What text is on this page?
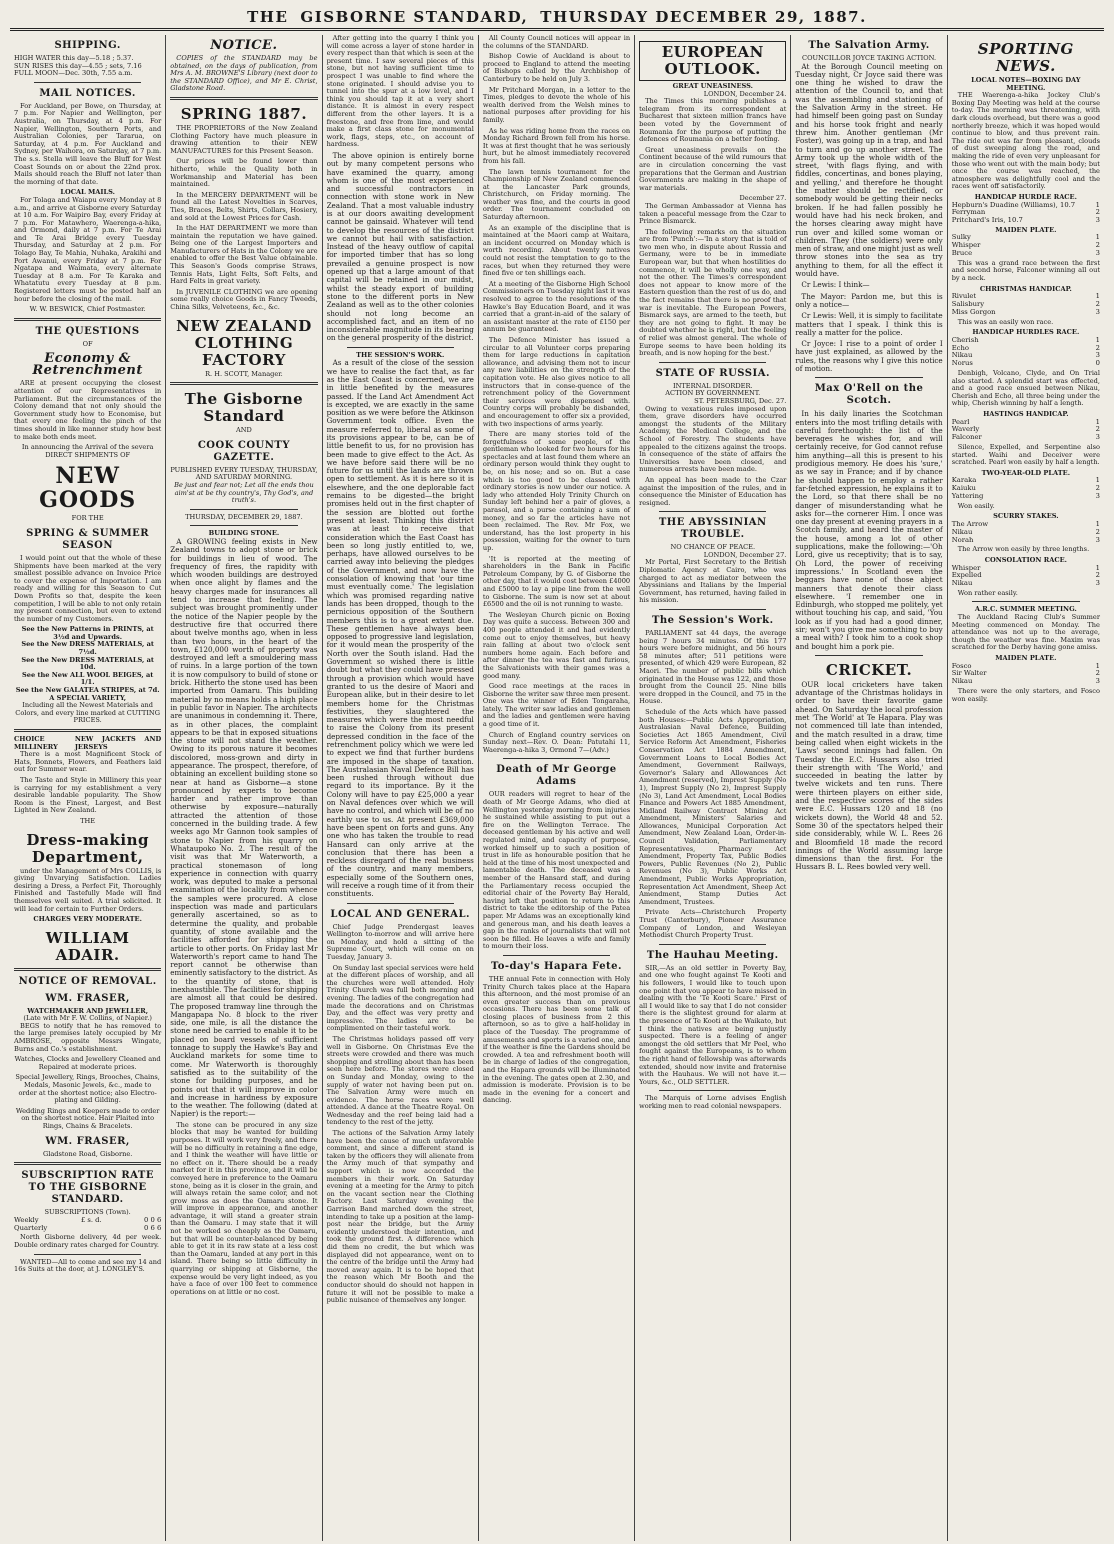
THE GISBORNE STANDARD, THURSDAY DECEMBER 29, 1887.
SHIPPING.
HIGH WATER this day—5.18 ; 5.37.
SUN RISES this day—4.55 ; sets, 7.16
FULL MOON—Dec. 30th, 7.55 a.m.
MAIL NOTICES.

For Auckland, per Bowe, on Thursday, at 7 p.m. For Napier and Wellington, per Australia, on Thursday, at 4 p.m. For Napier, Wellington, Southern Ports, and Australian Colonies, per Tararua, on Saturday, at 4 p.m. For Auckland and Sydney, per Waihora, on Saturday, at 7 p.m. The s.s. Stella will leave the Bluff for West Coast Sounds on or about the 22nd prox. Mails should reach the Bluff not later than the morning of that date.

LOCAL MAILS.

For Tolaga and Waiapu every Monday at 8 a.m., and arrive at Gisborne every Saturday at 10 a.m. For Waipiro Bay, every Friday at 7 p.m. For Matawhero, Waerenga-a-hika, and Ormond, daily at 7 p.m. For Te Arai and Te Arai Bridge every Tuesday Thursday, and Saturday at 2 p.m. For Tolago Bay, Te Mahia, Nuhaka, Arakihi and Port Awanui, every Friday at 7 p.m. For Ngatapa and Waimata, every alternate Tuesday at 8 a.m. For Te Karaka and Whatatutu every Tuesday at 8 p.m. Registered letters must be posted half an hour before the closing of the mail.

W. W. BESWICK, Chief Postmaster.
THE QUESTIONS
OF
Economy & Retrenchment

ARE at present occupying the closest attention of our Representatives in Parliament. But the circumstances of the Colony demand that not only should the Government study how to Economise, but that every one feeling the pinch of the times should in like manner study how best to make both ends meet.

In announcing the Arrival of the severa DIRECT SHIPMENTS OF
NEW GOODS
FOR THE
SPRING & SUMMER SEASON

I would point out that the whole of these Shipments have been marked at the very smallest possible advance on Invoice Price to cover the expense of Importation. I am ready and willing for this Season to Cut Down Profits so that, despite the keen competition, I will be able to not only retain my present connection, but even to extend the number of my Customers.

See the New Patterns in PRINTS, at 3½d and Upwards.
See the New DRESS MATERIALS, at 7½d.
See the New DRESS MATERIALS, at 10d.
See the New ALL WOOL BEIGES, at 1/1.
See the New GALATEA STRIPES, at 7d.
A SPECIAL VARIETY,

Including all the Newest Materials and Colors, and every line marked at CUTTING PRICES.

CHOICE MILLINERY
NEW JACKETS AND JERSEYS

There is a most Magnificent Stock of Hats, Bonnets, Flowers, and Feathers laid out for Summer wear.

The Taste and Style in Millinery this year is carrying for my establishment a very desirable landable popularity. The Show Room is the Finest, Largest, and Best Lighted in New Zealand.

THE
Dress-making Department,

under the Management of Mrs COLLIS, is giving Unvarying Satisfaction. Ladies desiring a Dress, a Perfect Fit, Thoroughly Finished and Tastefully Made will find themselves well suited. A trial solicited. It will lead for certain to Further Orders.

CHARGES VERY MODERATE.
WILLIAM ADAIR.
NOTICE OF REMOVAL.
WM. FRASER,
WATCHMAKER AND JEWELLER,
(Late with Mr F. W. Collins, of Napier.)

BEGS to notify that he has removed to the large premises lately occupied by Mr AMBROSE, opposite Messrs Wingate, Burns and Co.'s establishment.

Watches, Clocks and Jewellery Cleaned and Repaired at moderate prices.

Special Jewellery, Rings, Brooches, Chains, Medals, Masonic Jewels, &c., made to order at the shortest notice; also Electro-plating and Gilding.

Wedding Rings and Keepers made to order on the shortest notice. Hair Plaited into Rings, Chains & Bracelets.

WM. FRASER,
Gladstone Road, Gisborne.
SUBSCRIPTION RATE TO THE GISBORNE STANDARD.
SUBSCRIPTIONS (Town).
Weekly	£ s. d.	0 0 6
Quarterly	0 6 6

North Gisborne delivery, 4d per week. Double ordinary rates charged for Country.

WANTED—All to come and see my 14 and 16s Suits at the door, at J. LONGLEY'S.

NOTICE.

COPIES of the STANDARD may be obtained, on the days of publication, from Mrs A. M. BROWNE'S Library (next door to the STANDARD Office), and Mr E. Christ, Gladstone Road.

SPRING 1887.

THE PROPRIETORS of the New Zealand Clothing Factory have much pleasure in drawing attention to their NEW MANUFACTURES for this Present Season.

Our prices will be found lower than hitherto, while the Quality both in Workmanship and Material has been maintained.

In the MERCERY DEPARTMENT will be found all the Latest Novelties in Scarves, Ties, Braces, Belts, Shirts, Collars, Hosiery, and sold at the Lowest Prices for Cash.

In the HAT DEPARTMENT we more than maintain the reputation we have gained. Being one of the Largest Importers and Manufacturers of Hats in the Colony we are enabled to offer the Best Value obtainable. This Season's Goods comprise Straws, Tennis Hats, Light Felts, Soft Felts, and Hard Felts in great variety.

In JUVENILE CLOTHING we are opening some really choice Goods in Fancy Tweeds, China Silks, Velveteens, &c., &c.

NEW ZEALAND CLOTHING FACTORY
R. H. SCOTT, Manager.
The Gisborne Standard
AND
COOK COUNTY GAZETTE.
PUBLISHED EVERY TUESDAY, THURSDAY, AND SATURDAY MORNING.
Be just and fear not; Let all the ends thou aim'st at be thy country's, Thy God's, and truth's.
THURSDAY, DECEMBER 29, 1887.
BUILDING STONE.

A GROWING feeling exists in New Zealand towns to adopt stone or brick for buildings in lieu of wood. The frequency of fires, the rapidity with which wooden buildings are destroyed when once alight by flames and the heavy charges made for insurances all tend to increase that feeling. The subject was brought prominently under the notice of the Napier people by the destructive fire that occurred there about twelve months ago, when in less than two hours, in the heart of the town, £120,000 worth of property was destroyed and left a smouldering mass of ruins. In a large portion of the town it is now compulsory to build of stone or brick. Hitherto the stone used has been imported from Oamaru. This building material by no means holds a high place in public favor in Napier. The architects are unanimous in condemning it. There, as in other places, the complaint appears to be that in exposed situations the stone will not stand the weather. Owing to its porous nature it becomes discolored, moss-grown and dirty in appearance. The prospect, therefore, of obtaining an excellent building stone so near at hand as Gisborne—a stone pronounced by experts to become harder and rather improve than otherwise by exposure—naturally attracted the attention of those concerned in the building trade. A few weeks ago Mr Gannon took samples of stone to Napier from his quarry on Whataupoko No. 2. The result of the visit was that Mr Waterworth, a practical stonemason of long experience in connection with quarry work, was deputed to make a personal examination of the locality from whence the samples were procured. A close inspection was made and particulars generally ascertained, so as to determine the quality, and probable quantity, of stone available and the facilities afforded for shipping the article to other ports. On Friday last Mr Waterworth's report came to hand The report cannot be otherwise than eminently satisfactory to the district. As to the quantity of stone, that is inexhaustible. The facilities for shipping are almost all that could be desired. The proposed tramway line through the Mangapapa No. 8 block to the river side, one mile, is all the distance the stone need be carried to enable it to be placed on board vessels of sufficient tonnage to supply the Hawke's Bay and Auckland markets for some time to come. Mr Waterworth is thoroughly satisfied as to the suitability of the stone for building purposes, and he points out that it will improve in color and increase in hardness by exposure to the weather. The following (dated at Napier) is the report:—

The stone can be procured in any size blocks that may be wanted for building purposes. It will work very freely, and there will be no difficulty in retaining a fine edge, and I think the weather will have little or no effect on it. There should be a ready market for it in this province, and it will be conveyed here in preference to the Oamaru stone, being as it is closer in the grain, and will always retain the same color, and not grow moss as does the Oamaru stone. It will improve in appearance, and another advantage, it will stand a greater strain than the Oamaru. I may state that it will not be worked so cheaply as the Oamaru, but that will be counter-balanced by being able to get it in its raw state at a less cost than the Oamaru, landed at any port in this island. There being so little difficulty in quarrying or shipping at Gisborne, the expense would be very light indeed, as you have a face of over 100 feet to commence operations on at little or no cost.

After getting into the quarry I think you will come across a layer of stone harder in every respect than that which is seen at the present time. I saw several pieces of this stone, but not having sufficient time to prospect I was unable to find where the stone originated. I should advise you to tunnel into the spur at a low level, and I think you should tap it at a very short distance. It is almost in every respect different from the other layers. It is a freestone, and free from lime, and would make a first class stone for monumental work, flags, steps, etc., on account of hardness.

The above opinion is entirely borne out by many competent persons who have examined the quarry, among whom is one of the most experienced and successful contractors in connection with stone work in New Zealand. That a most valuable industry is at our doors awaiting development cannot be gainsaid. Whatever will tend to develop the resources of the district we cannot but hail with satisfaction. Instead of the heavy outflow of capital for imported timber that has so long prevailed a genuine prospect is now opened up that a large amount of that capital will be retained in our midst, whilst the steady export of building stone to the different ports in New Zealand as well as to the other colonies should not long become an accomplished fact, and an item of no inconsiderable magnitude in its bearing on the general prosperity of the district.

THE SESSION'S WORK.

As a result of the close of the session we have to realise the fact that, as far as the East Coast is concerned, we are in little benefited by the measures passed. If the Land Act Amendment Act is excepted, we are exactly in the same position as we were before the Atkinson Government took office. Even the measure referred to, liberal as some of its provisions appear to be, can be of little benefit to us, for no provision has been made to give effect to the Act. As we have before said there will be no future for us until the lands are thrown open to settlement. As it is here so it is elsewhere, and the one deplorable fact remains to be digested—the bright promises held out in the first chapter of the session are blotted out forthe present at least. Thinking this district was at least to receive that consideration which the East Coast has been so long justly entitled to, we, perhaps, have allowed ourselves to be carried away into believing the pledges of the Government, and now have the consolation of knowing that 'our time must eventually come.' The legislation which was promised regarding native lands has been dropped, though to the pernicious opposition of the Southern members this is to a great extent due. These gentlemen have always been opposed to progressive land legislation, for it would mean the prosperity of the North over the South island. Had the Government so wished there is little doubt but what they could have pressed through a provision which would have granted to us the desire of Maori and European alike, but in their desire to let members home for the Christmas festivities, they slaughtered the measures which were the most needful to raise the Colony from its present depressed condition in the face of the retrenchment policy which we were led to expect we find that further burdens are imposed in the shape of taxation. The Australasian Naval Defence Bill has been rushed through without due regard to its importance. By it the Colony will have to pay £25,000 a year on Naval defences over which we will have no control, and which will be of no earthly use to us. At present £369,000 have been spent on forts and guns. Any one who has taken the trouble to read Hansard can only arrive at the conclusion that there has been a reckless disregard of the real business of the country, and many members, especially some of the Southern ones, will receive a rough time of it from their constituents.

LOCAL AND GENERAL.

Chief Judge Prendergast leaves Wellington to-morrow and will arrive here on Monday, and hold a sitting of the Supreme Court, which will come on on Tuesday, January 3.

On Sunday last special services were held at the different places of worship, and all the churches were well attended. Holy Trinity Church was full both morning and evening. The ladies of the congregation had made the decorations and on Christmas Day, and the effect was very pretty and impressive. The ladies are to be complimented on their tasteful work.

The Christmas holidays passed off very well in Gisborne. On Christmas Eve the streets were crowded and there was much shopping and strolling about than has been seen here before. The stores were closed on Sunday and Monday, owing to the supply of water not having been put on. The Salvation Army were much en evidence. The horse races were well attended. A dance at the Theatre Royal. On Wednesday and the reef being laid had a tendency to the rest of the jetty.

The actions of the Salvation Army lately have been the cause of much unfavorable comment, and since a different stand is taken by the officers they will alienate from the Army much of that sympathy and support which is now accorded the members in their work. On Saturday evening at a meeting for the Army to pitch on the vacant section near the Clothing Factory. Last Saturday evening the Garrison Band marched down the street, intending to take up a position at the lamp-post near the bridge, but the Army evidently understood their intention, and took the ground first. A difference which did them no credit, the but which was displayed did not appearance, went on to the centre of the bridge until the Army had moved away again. It is to be hoped that the reason which Mr Booth and the conductor should do should not happen in future it will not be possible to make a public nuisance of themselves any longer.

All County Council notices will appear in the columns of the STANDARD.

Bishop Cowie of Auckland is about to proceed to England to attend the meeting of Bishops called by the Archbishop of Canterbury to be held on July 3.

Mr Pritchard Morgan, in a letter to the Times, pledges to devote the whole of his wealth derived from the Welsh mines to national purposes after providing for his family.

As he was riding home from the races on Monday Richard Brown fell from his horse. It was at first thought that he was seriously hurt, but he almost immediately recovered from his fall.

The lawn tennis tournament for the Championship of New Zealand commenced at the Lancaster Park grounds, Christchurch, on Friday morning. The weather was fine, and the courts in good order. The tournament concluded on Saturday afternoon.

As an example of the discipline that is maintained at the Maori camp at Waitara, an incident occurred on Monday which is worth recording. About twenty natives could not resist the temptation to go to the races, but when they returned they were fined five or ten shillings each.

At a meeting of the Gisborne High School Commissioners on Tuesday night last it was resolved to agree to the resolutions of the Hawke's Bay Education Board, and it was carried that a grant-in-aid of the salary of an assistant master at the rate of £150 per annum be guaranteed.

The Defence Minister has issued a circular to all Volunteer corps preparing them for large reductions in capitation allowance, and advising them not to incur any new liabilities on the strength of the capitation vote. He also gives notice to all instructors that in conse-quence of the retrenchment policy of the Government their services were dispensed with. Country corps will probably be disbanded, and encouragement to offer six a provided, with two inspections of arms yearly.

There are many stories told of the forgetfulness of some people, of the gentleman who looked for two hours for his spectacles and at last found them where an ordinary person would think they ought to be, on his nose; and so on. But a case which is too good to be classed with ordinary stories is now under our notice. A lady who attended Holy Trinity Church on Sunday left behind her a pair of gloves, a parasol, and a purse containing a sum of money, and so far the articles have not been reclaimed. The Rev. Mr Fox, we understand, has the lost property in his possession, waiting for the owner to turn up.

'It is reported at the meeting of shareholders in the Bank in Pacific Petroleum Company, by G. of Gisborne the other day, that it would cost between £4000 and £5000 to lay a pipe line from the well to Gisborne. The sum is now set at about £6500 and the oil is not running to waste.

The Wesleyan Church picnic on Boxing Day was quite a success. Between 300 and 400 people attended it and had evidently come out to enjoy themselves, but heavy rain falling at about two o'clock sent numbers home again. Each before and after dinner the tea was fast and furious, the Salvationists with their games was a good many.

Good race meetings at the races in Gisborne the writer saw three men present. One was the winner of Eden Tongaraha, lately. The writer saw ladies and gentlemen and the ladies and gentlemen were having a good time of it.

Church of England country services on Sunday next—Rev. O. Dean: Patutahi 11, Waerenga-a-hika 3, Ormond 7—(Adv.)

Death of Mr George Adams

OUR readers will regret to hear of the death of Mr George Adams, who died at Wellington yesterday morning from injuries he sustained while assisting to put out a fire on the Wellington Terrace. The deceased gentleman by his active and well regulated mind, and capacity of purpose, worked himself up to such a position of trust in life as honourable position that he held at the time of his most unexpected and lamentable death. The deceased was a member of the Hansard staff, and during the Parliamentary recess occupied the editorial chair of the Poverty Bay Herald, having left that position to return to this district to take the editorship of the Patea paper. Mr Adams was an exceptionally kind and generous man, and his death leaves a gap in the ranks of journalists that will not soon be filled. He leaves a wife and family to mourn their loss.

To-day's Hapara Fete.

THE annual Fete in connection with Holy Trinity Church takes place at the Hapara this afternoon, and the most promise of an even greater success than on previous occasions. There has been some talk of closing places of business from 2 this afternoon, so as to give a half-holiday in place of the Tuesday. The programme of amusements and sports is a varied one, and if the weather is fine the Gardens should be crowded. A tea and refreshment booth will be in charge of ladies of the congregation, and the Hapara grounds will be illuminated in the evening. The gates open at 2.30, and admission is moderate. Provision is to be made in the evening for a concert and dancing.

EUROPEAN OUTLOOK.
GREAT UNEASINESS.
LONDON, December 24.

The Times this morning publishes a telegram from its correspondent at Bucharest that sixteen million francs have been voted by the Government of Roumania for the purpose of putting the defences of Roumania on a better footing.

Great uneasiness prevails on the Continent because of the wild rumours that are in circulation concerning the vast preparations that the German and Austrian Governments are making in the shape of war materials.

December 27.

The German Ambassador at Vienna has taken a peaceful message from the Czar to Prince Bismarck.

The following remarks on the situation are from 'Punch':—'In a story that is told of two men who, in dispute about Russia and Germany, were to be in immediate European war, but that when hostilities do commence, it will be wholly one way, and not the other. The Times's correspondent does not appear to know more of the Eastern question than the rest of us do, and the fact remains that there is no proof that war is inevitable. The European Powers, Bismarck says, are armed to the teeth, but they are not going to fight. It may be doubted whether he is right, but the feeling of relief was almost general. The whole of Europe seems to have been holding its breath, and is now hoping for the best.'

STATE OF RUSSIA.
INTERNAL DISORDER.
ACTION BY GOVERNMENT.
ST. PETERSBURG, Dec. 27.

Owing to vexatious rules imposed upon them, grave disorders have occurred amongst the students of the Military Academy, the Medical College, and the School of Forestry. The students have appealed to the citizens against the troops. In consequence of the state of affairs the Universities have been closed, and numerous arrests have been made.

An appeal has been made to the Czar against the imposition of the rules, and in consequence the Minister of Education has resigned.

THE ABYSSINIAN TROUBLE.
NO CHANCE OF PEACE.
LONDON, December 27.

Mr Portal, First Secretary to the British Diplomatic Agency at Cairo, who was charged to act as mediator between the Abyssinians and Italians by the Imperial Government, has returned, having failed in his mission.

The Session's Work.

PARLIAMENT sat 44 days, the average being 7 hours 34 minutes. Of this 177 hours were before midnight, and 56 hours 58 minutes after; 511 petitions were presented, of which 429 were European, 82 Maori. The number of public bills which originated in the House was 122, and those brought from the Council 25. Nine bills were dropped in the Council, and 75 in the House.

Schedule of the Acts which have passed both Houses:—Public Acts Appropriation, Australasian Naval Defence, Building Societies Act 1865 Amendment, Civil Service Reform Act Amendment, Fisheries Conservation Act 1884 Amendment, Government Loans to Local Bodies Act Amendment, Government Railways, Governor's Salary and Allowances Act Amendment (reserved), Imprest Supply (No 1), Imprest Supply (No 2), Imprest Supply (No 3), Land Act Amendment, Local Bodies Finance and Powers Act 1885 Amendment, Midland Railway Contract Mining Act Amendment, Ministers' Salaries and Allowances, Municipal Corporation Act Amendment, New Zealand Loan, Order-in-Council Validation, Parliamentary Representatives, Pharmacy Act Amendment, Property Tax, Public Bodies Powers, Public Revenues (No 2), Public Revenues (No 3), Public Works Act Amendment, Public Works Appropriation, Representation Act Amendment, Sheep Act Amendment, Stamp Duties Act Amendment, Trustees.

Private Acts—Christchurch Property Trust (Canterbury), Pioneer Assurance Company of London, and Wesleyan Methodist Church Property Trust.

The Hauhau Meeting.

SIR,—As an old settler in Poverty Bay, and one who fought against Te Kooti and his followers, I would like to touch upon one point that you appear to have missed in dealing with the 'Te Kooti Scare.' First of all I would like to say that I do not consider there is the slightest ground for alarm at the presence of Te Kooti at the Waikato, but I think the natives are being unjustly suspected. There is a feeling of anger amongst the old settlers that Mr Peel, who fought against the Europeans, is to whom the right hand of fellowship was afterwards extended, should now invite and fraternise with the Hauhaus. We will not have it.—Yours, &c., OLD SETTLER.

The Marquis of Lorne advises English working men to read colonial newspapers.

The Salvation Army.
COUNCILLOR JOYCE TAKING ACTION.

At the Borough Council meeting on Tuesday night, Cr Joyce said there was one thing he wished to draw the attention of the Council to, and that was the assembling and stationing of the Salvation Army in the street. He had himself been going past on Sunday and his horse took fright and nearly threw him. Another gentleman (Mr Foster), was going up in a trap, and had to turn and go up another street. The Army took up the whole width of the street, 'with flags flying, and with fiddles, concertinas, and bones playing, and yelling,' and therefore he thought the matter should be rectified, or somebody would be getting their necks broken. If he had fallen possibly he would have had his neck broken, and the horses clearing away might have run over and killed some woman or children. They (the soldiers) were only men of straw, and one might just as well throw stones into the sea as try anything to them, for all the effect it would have.

Cr Lewis: I think—

The Mayor: Pardon me, but this is only a notice—

Cr Lewis: Well, it is simply to facilitate matters that I speak. I think this is really a matter for the police.

Cr Joyce: I rise to a point of order I have just explained, as allowed by the rules, the reasons why I give this notice of motion.

Max O'Rell on the Scotch.

In his daily linaries the Scotchman enters into the most trifling details with careful forethought: the list of the beverages he wishes for, and will certainly receive, for God cannot refuse him anything—all this is present to his prodigious memory. He does his 'sure,' as we say in France; and if by chance he should happen to employ a rather far-fetched expression, he explains it to the Lord, so that there shall be no danger of misunderstanding what he asks for—the cornerer Him. I once was one day present at evening prayers in a Scotch family, and heard the master of the house, among a lot of other supplications, make the following:—'Oh Lord, give us receptivity; that is to say, Oh Lord, the power of receiving impressions.' In Scotland even the beggars have none of those abject manners that denote their class elsewhere. 'I remember one in Edinburgh, who stopped me politely, yet without touching his cap, and said, 'You look as if you had had a good dinner, sir; won't you give me something to buy a meal with? I took him to a cook shop and bought him a pork pie.

CRICKET.

OUR local cricketers have taken advantage of the Christmas holidays in order to have their favorite game ahead. On Saturday the local profession met 'The World' at Te Hapara. Play was not commenced till late than intended, and the match resulted in a draw, time being called when eight wickets in the 'Laws' second innings had fallen. On Tuesday the E.C. Hussars also tried their strength with 'The World,' and succeeded in beating the latter by twelve wickets and ten runs. There were thirteen players on either side, and the respective scores of the sides were E.C. Hussars 120 and 18 (no wickets down), the World 48 and 52. Some 30 of the spectators helped their side considerably, while W. L. Rees 26 and Bloomfield 18 made the record innings of the World assuming large dimensions than the first. For the Hussars B. L. Rees bowled very well.

SPORTING NEWS.
LOCAL NOTES—BOXING DAY MEETING.

THE Waerenga-a-hika Jockey Club's Boxing Day Meeting was held at the course to-day. The morning was threatening, with dark clouds overhead, but there was a good northerly breeze, which it was hoped would continue to blow, and thus prevent rain. The ride out was far from pleasant, clouds of dust sweeping along the road, and making the ride of even very unpleasant for those who went out with the main body; but once the course was reached, the atmosphere was delightfully cool and the races went off satisfactorily.

HANDICAP HURDLE RACE.
Hepburn's Duadine (Williams), 10.7	1
Ferryman	2
Pritchard's Iris, 10.7	3
MAIDEN PLATE.
Sulky	1
Whisper	2
Bruce	3

This was a grand race between the first and second horse, Falconer winning all out by a neck.

CHRISTMAS HANDICAP.
Rivulet	1
Salisbury	2
Miss Gorgon	3

This was an easily won race.

HANDICAP HURDLES RACE.
Cherish	1
Echo	2
Nikau	3
Norus	0

Denbigh, Volcano, Clyde, and On Trial also started. A splendid start was effected, and a good race ensued between Nikau, Cherish and Echo, all three being under the whip, Cherish winning by half a length.

HASTINGS HANDICAP.
Pearl	1
Waverly	2
Falconer	3

Silence, Expelled, and Serpentine also started. Waihi and Deceiver were scratched. Pearl won easily by half a length.

TWO-YEAR-OLD PLATE.
Karaka	1
Kaiuku	2
Yattering	3

Won easily.

SCURRY STAKES.
The Arrow	1
Nikau	2
Norah	3

The Arrow won easily by three lengths.

CONSOLATION RACE.
Whisper	1
Expelled	2
Nikau	3

Won rather easily.

A.R.C. SUMMER MEETING.

The Auckland Racing Club's Summer Meeting commenced on Monday. The attendance was not up to the average, though the weather was fine. Maxim was scratched for the Derby having gone amiss.

MAIDEN PLATE.
Fosco	1
Sir Walter	2
Nikau	3

There were the only starters, and Fosco won easily.
